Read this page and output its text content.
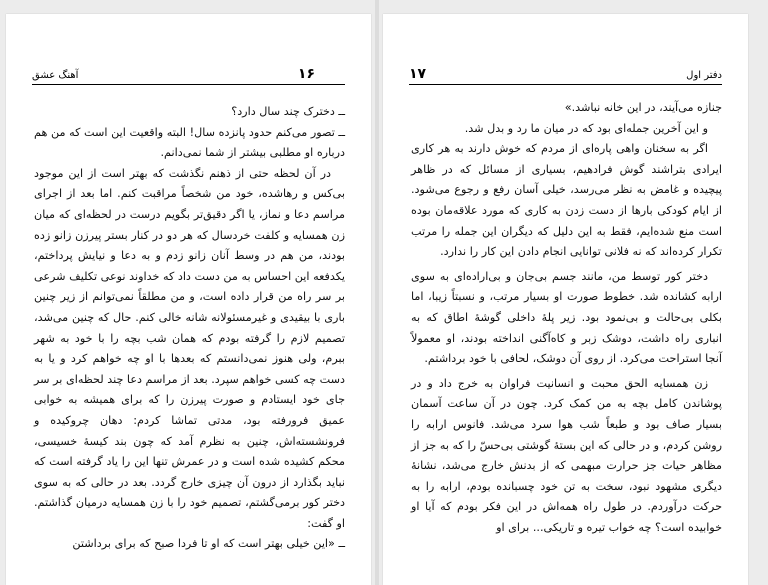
آهنگ عشق	۱۶

ــ دخترک چند سال دارد؟

ــ تصور می‌کنم حدود پانزده سال! البته واقعیت این است که من هم درباره او مطلبی بیشتر از شما نمی‌دانم.

در آن لحظه حتی از ذهنم نگذشت که بهتر است از این موجود بی‌کس و رهاشده، خود من شخصاً مراقبت کنم. اما بعد از اجرای مراسم دعا و نماز، یا اگر دقیق‌تر بگویم درست در لحظه‌ای که میان زن همسایه و کلفت خردسال که هر دو در کنار بستر پیرزن زانو زده بودند، من هم در وسط آنان زانو زدم و به دعا و نیایش پرداختم، یکدفعه این احساس به من دست داد که خداوند نوعی تکلیف شرعی بر سر راه من قرار داده است، و من مطلقاً نمی‌توانم از زیر چنین باری با بیقیدی و غیرمسئولانه شانه خالی کنم. حال که چنین می‌شد، تصمیم لازم را گرفته بودم که همان شب بچه را با خود به شهر ببرم، ولی هنوز نمی‌دانستم که بعدها با او چه خواهم کرد و یا به دست چه کسی خواهم سپرد. بعد از مراسم دعا چند لحظه‌ای بر سر جای خود ایستادم و صورت پیرزن را که برای همیشه به خوابی عمیق فرورفته بود، مدتی تماشا کردم: دهان چروکیده و فرونشسته‌اش، چنین به نظرم آمد که چون بند کیسهٔ خسیسی، محکم کشیده شده است و در عمرش تنها این را یاد گرفته است که نباید بگذارد از درون آن چیزی خارج گردد. بعد در حالی که به سوی دختر کور برمی‌گشتم، تصمیم خود را با زن همسایه درمیان گذاشتم. او گفت:

ــ «این خیلی بهتر است که او تا فردا صبح که برای برداشتن

دفتر اول
۱۷

جنازه می‌آیند، در این خانه نباشد.»

و این آخرین جمله‌ای بود که در میان ما رد و بدل شد.

اگر به سخنان واهی پاره‌ای از مردم که خوش دارند به هر کاری ایرادی بتراشند گوش فرادهیم، بسیاری از مسائل که در ظاهر پیچیده و غامض به نظر می‌رسد، خیلی آسان رفع و رجوع می‌شود. از ایام کودکی بارها از دست زدن به کاری که مورد علاقه‌مان بوده است منع شده‌ایم، فقط به این دلیل که دیگران این جمله را مرتب تکرار کرده‌اند که نه فلانی توانایی انجام دادن این کار را ندارد.

دختر کور توسط من، مانند جسم بی‌جان و بی‌اراده‌ای به سوی ارابه کشانده شد. خطوط صورت او بسیار مرتب، و نسبتاً زیبا، اما بکلی بی‌حالت و بی‌نمود بود. زیر پلهٔ داخلی گوشهٔ اطاق که به انباری راه داشت، دوشک زبر و کاه‌آگنی انداخته بودند، او معمولاً آنجا استراحت می‌کرد. از روی آن دوشک، لحافی با خود برداشتم.

زن همسایه الحق محبت و انسانیت فراوان به خرج داد و در پوشاندن کامل بچه به من کمک کرد. چون در آن ساعت آسمان بسیار صاف بود و طبعاً شب هوا سرد می‌شد. فانوس ارابه را روشن کردم، و در حالی که این بستهٔ گوشتی بی‌حسّ را که به جز از مظاهر حیات جز حرارت مبهمی که از بدنش خارج می‌شد، نشانهٔ دیگری مشهود نبود، سخت به تن خود چسبانده بودم، ارابه را به حرکت درآوردم. در طول راه همه‌اش در این فکر بودم که آیا او خوابیده است؟ چه خواب تیره و تاریکی... برای او
